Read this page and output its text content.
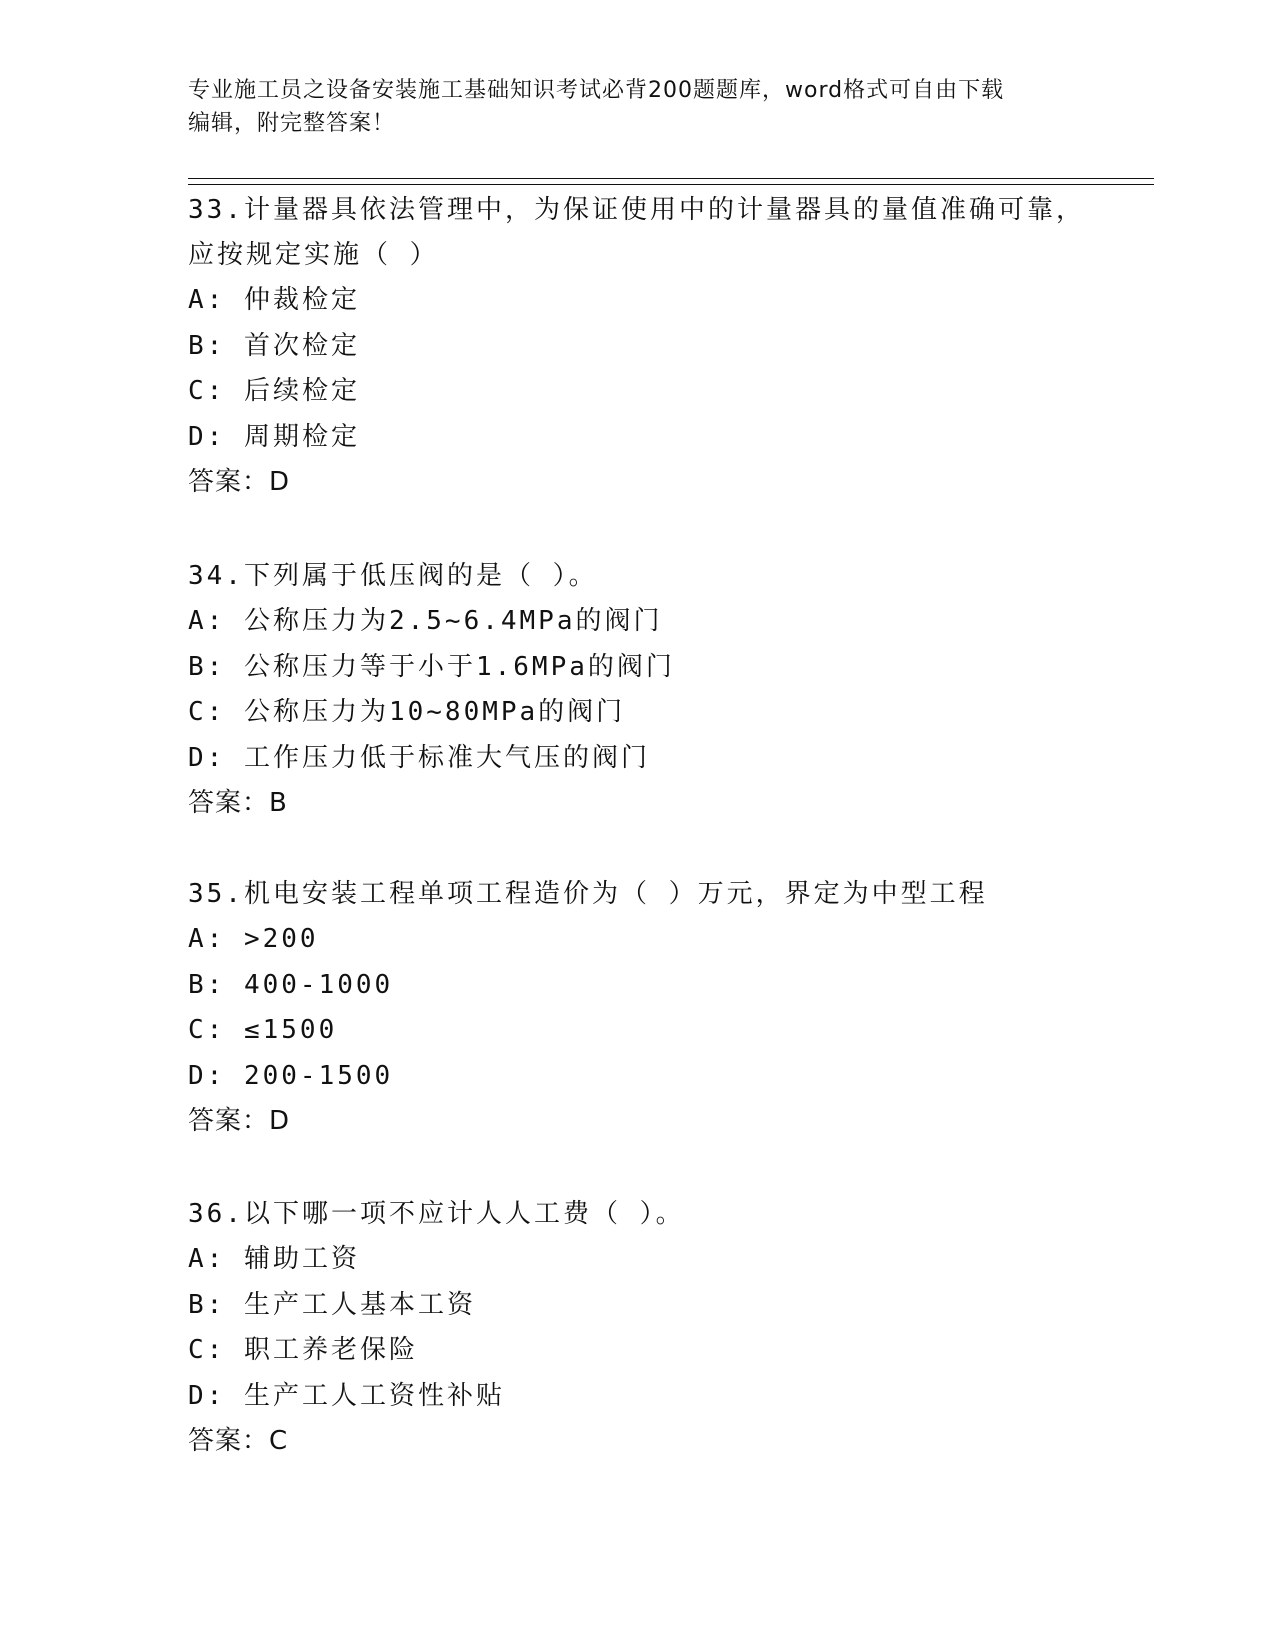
专业施工员之设备安装施工基础知识考试必背200题题库，word格式可自由下载
编辑，附完整答案！

33.计量器具依法管理中，为保证使用中的计量器具的量值准确可靠，

应按规定实施（ ）

A: 仲裁检定

B: 首次检定

C: 后续检定

D: 周期检定

答案：D

34.下列属于低压阀的是（ ）。

A: 公称压力为2.5~6.4MPa的阀门

B: 公称压力等于小于1.6MPa的阀门

C: 公称压力为10~80MPa的阀门

D: 工作压力低于标准大气压的阀门

答案：B

35.机电安装工程单项工程造价为（ ）万元，界定为中型工程

A: >200

B: 400-1000

C: ≤1500

D: 200-1500

答案：D

36.以下哪一项不应计人人工费（ ）。

A: 辅助工资

B: 生产工人基本工资

C: 职工养老保险

D: 生产工人工资性补贴

答案：C
